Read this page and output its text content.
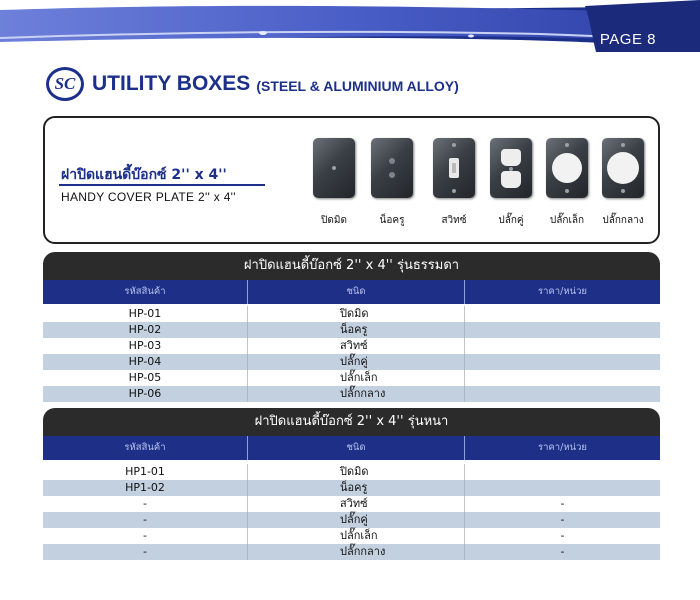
PAGE 8
SC UTILITY BOXES (STEEL & ALUMINIUM ALLOY)
ฝาปิดแฮนดี้บ๊อกซ์ 2'' x 4''
HANDY COVER PLATE 2'' x 4''
ปิดมิด	น็อครู	สวิทซ์	ปลั๊กคู่	ปลั๊กเล็ก	ปลั๊กกลาง
ฝาปิดแฮนดี้บ๊อกซ์ 2'' x 4'' รุ่นธรรมดา
รหัสสินค้า	ชนิด	ราคา/หน่วย
HP-01	ปิดมิด
HP-02	น็อครู
HP-03	สวิทซ์
HP-04	ปลั๊กคู่
HP-05	ปลั๊กเล็ก
HP-06	ปลั๊กกลาง
ฝาปิดแฮนดี้บ๊อกซ์ 2'' x 4'' รุ่นหนา
รหัสสินค้า	ชนิด	ราคา/หน่วย
HP1-01	ปิดมิด
HP1-02	น็อครู
-	สวิทซ์	-
-	ปลั๊กคู่	-
-	ปลั๊กเล็ก	-
-	ปลั๊กกลาง	-
